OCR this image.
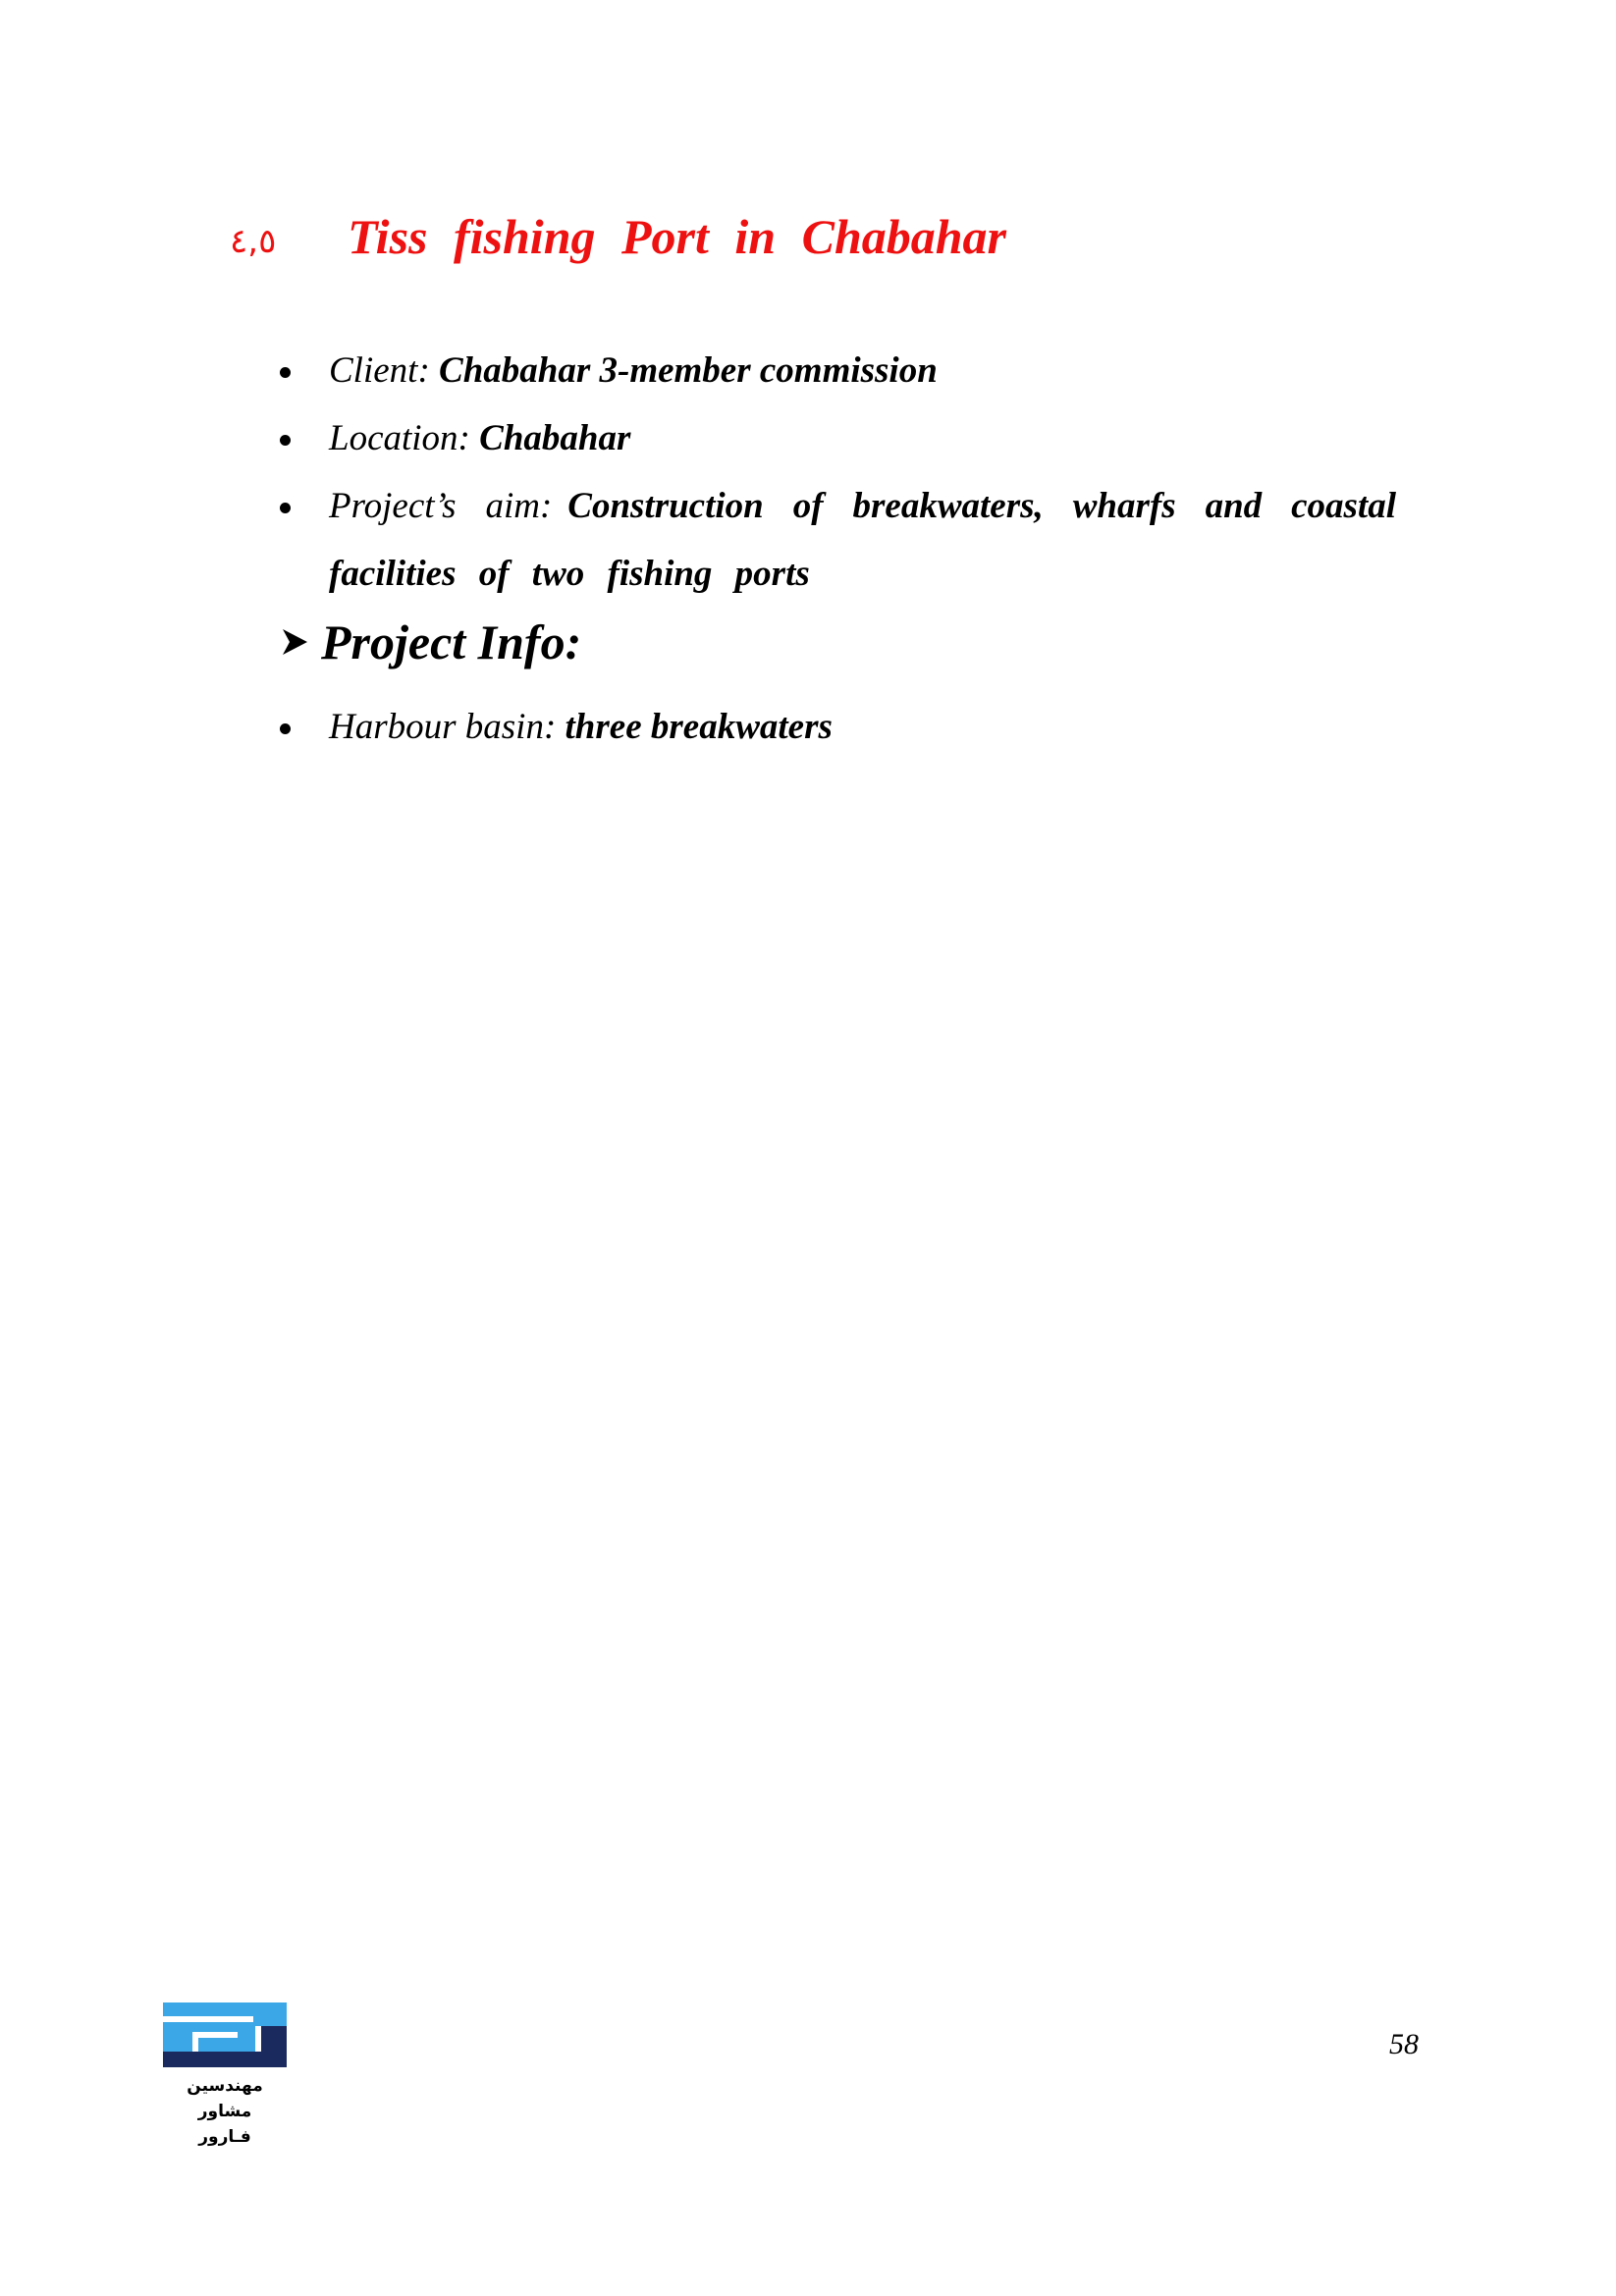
٤,٥ Tiss fishing Port in Chabahar
Client: Chabahar 3-member commission
Location: Chabahar
Project’s aim: Construction of breakwaters, wharfs and coastal facilities of two fishing ports
Project Info:
Harbour basin: three breakwaters
مهندسین مشاور
فـارور
58
